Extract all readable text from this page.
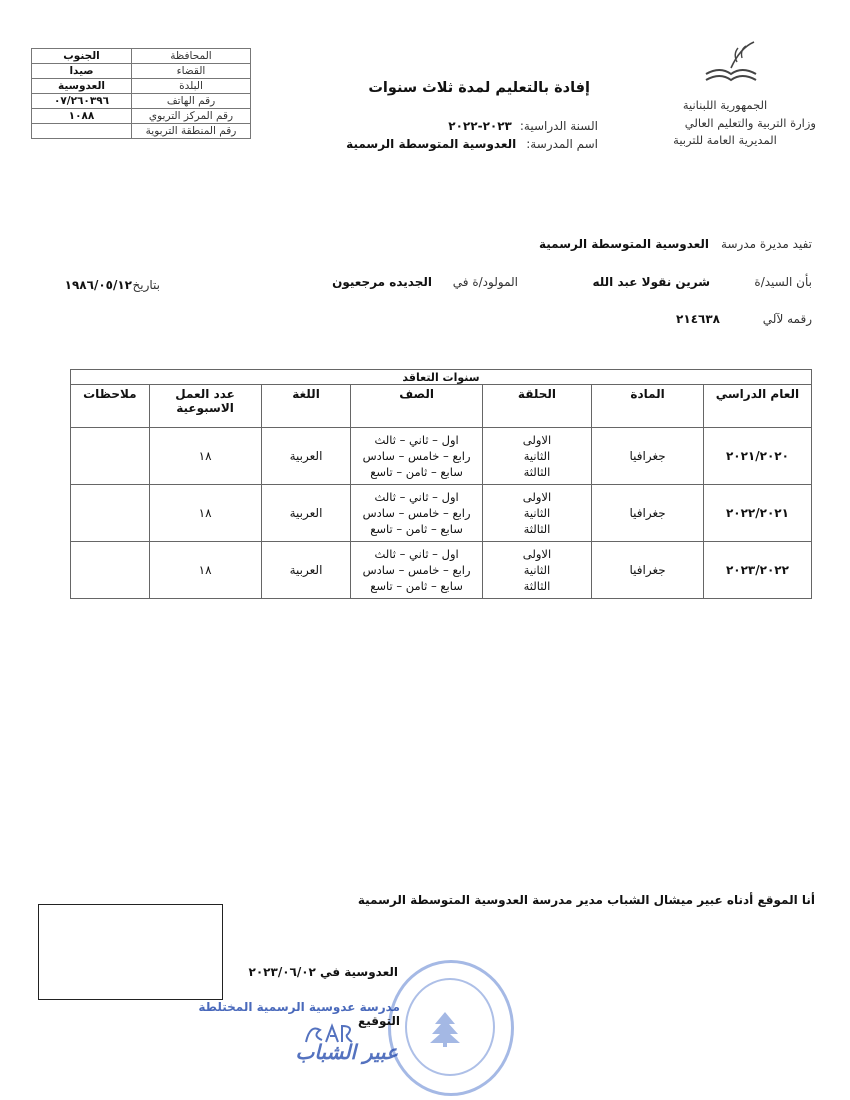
المحافظة	الجنوب
القضاء	صيدا
البلدة	العدوسية
رقم الهاتف	٠٧/٢٦٠٣٩٦
رقم المركز التربوي	١٠٨٨
رقم المنطقة التربوية	
الجمهورية اللبنانية
وزارة التربية والتعليم العالي
المديرية العامة للتربية
إفادة بالتعليم لمدة ثلاث سنوات
السنة الدراسية:
٢٠٢٣-٢٠٢٢
اسم المدرسة:
العدوسية المتوسطة الرسمية
تفيد مديرة مدرسة
العدوسية المتوسطة الرسمية
بأن السيد/ة
شرين نقولا عبد الله
المولود/ة في
الجديده مرجعيون
بتاريخ
١٩٨٦/٠٥/١٢
رقمه لآلي
٢١٤٦٣٨
سنوات التعاقد						
العام الدراسي	المادة	الحلقة	الصف	اللغة	عدد العمل الاسبوعية	ملاحظات
٢٠٢١/٢٠٢٠	جغرافيا	الاولى
الثانية
الثالثة	اول – ثاني – ثالث
رابع – خامس – سادس
سابع – ثامن – تاسع	العربية	١٨	
٢٠٢٢/٢٠٢١	جغرافيا	الاولى
الثانية
الثالثة	اول – ثاني – ثالث
رابع – خامس – سادس
سابع – ثامن – تاسع	العربية	١٨	
٢٠٢٣/٢٠٢٢	جغرافيا	الاولى
الثانية
الثالثة	اول – ثاني – ثالث
رابع – خامس – سادس
سابع – ثامن – تاسع	العربية	١٨	
أنا الموقع أدناه عبير ميشال الشباب مدير مدرسة العدوسية المتوسطة الرسمية
العدوسية في ٢٠٢٣/٠٦/٠٢
مدرسة عدوسية الرسمية المختلطة
التوقيع
عبير الشباب
